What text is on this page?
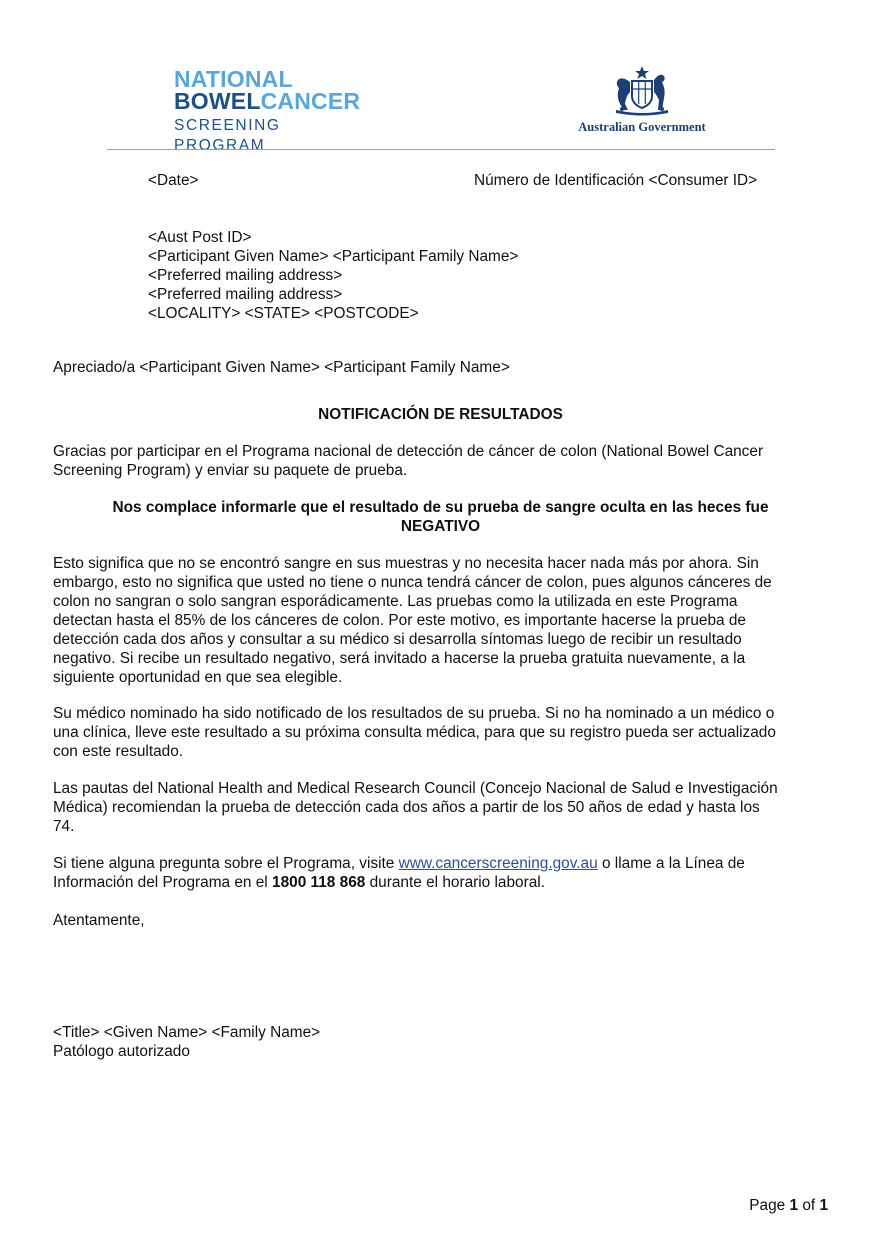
NATIONAL
BOWELCANCER
SCREENING PROGRAM
Australian Government
<Date>	Número de Identificación <Consumer ID>
<Aust Post ID>
<Participant Given Name> <Participant Family Name>
<Preferred mailing address>
<Preferred mailing address>
<LOCALITY> <STATE> <POSTCODE>
Apreciado/a <Participant Given Name> <Participant Family Name>
NOTIFICACIÓN DE RESULTADOS
Gracias por participar en el Programa nacional de detección de cáncer de colon (National Bowel Cancer
Screening Program) y enviar su paquete de prueba.
Nos complace informarle que el resultado de su prueba de sangre oculta en las heces fue
NEGATIVO
Esto significa que no se encontró sangre en sus muestras y no necesita hacer nada más por ahora. Sin
embargo, esto no significa que usted no tiene o nunca tendrá cáncer de colon, pues algunos cánceres de
colon no sangran o solo sangran esporádicamente. Las pruebas como la utilizada en este Programa
detectan hasta el 85% de los cánceres de colon. Por este motivo, es importante hacerse la prueba de
detección cada dos años y consultar a su médico si desarrolla síntomas luego de recibir un resultado
negativo. Si recibe un resultado negativo, será invitado a hacerse la prueba gratuita nuevamente, a la
siguiente oportunidad en que sea elegible.
Su médico nominado ha sido notificado de los resultados de su prueba. Si no ha nominado a un médico o
una clínica, lleve este resultado a su próxima consulta médica, para que su registro pueda ser actualizado
con este resultado.
Las pautas del National Health and Medical Research Council (Concejo Nacional de Salud e Investigación
Médica) recomiendan la prueba de detección cada dos años a partir de los 50 años de edad y hasta los
74.
Si tiene alguna pregunta sobre el Programa, visite www.cancerscreening.gov.au o llame a la Línea de
Información del Programa en el 1800 118 868 durante el horario laboral.
Atentamente,
<Title> <Given Name> <Family Name>
Patólogo autorizado
Page 1 of 1
